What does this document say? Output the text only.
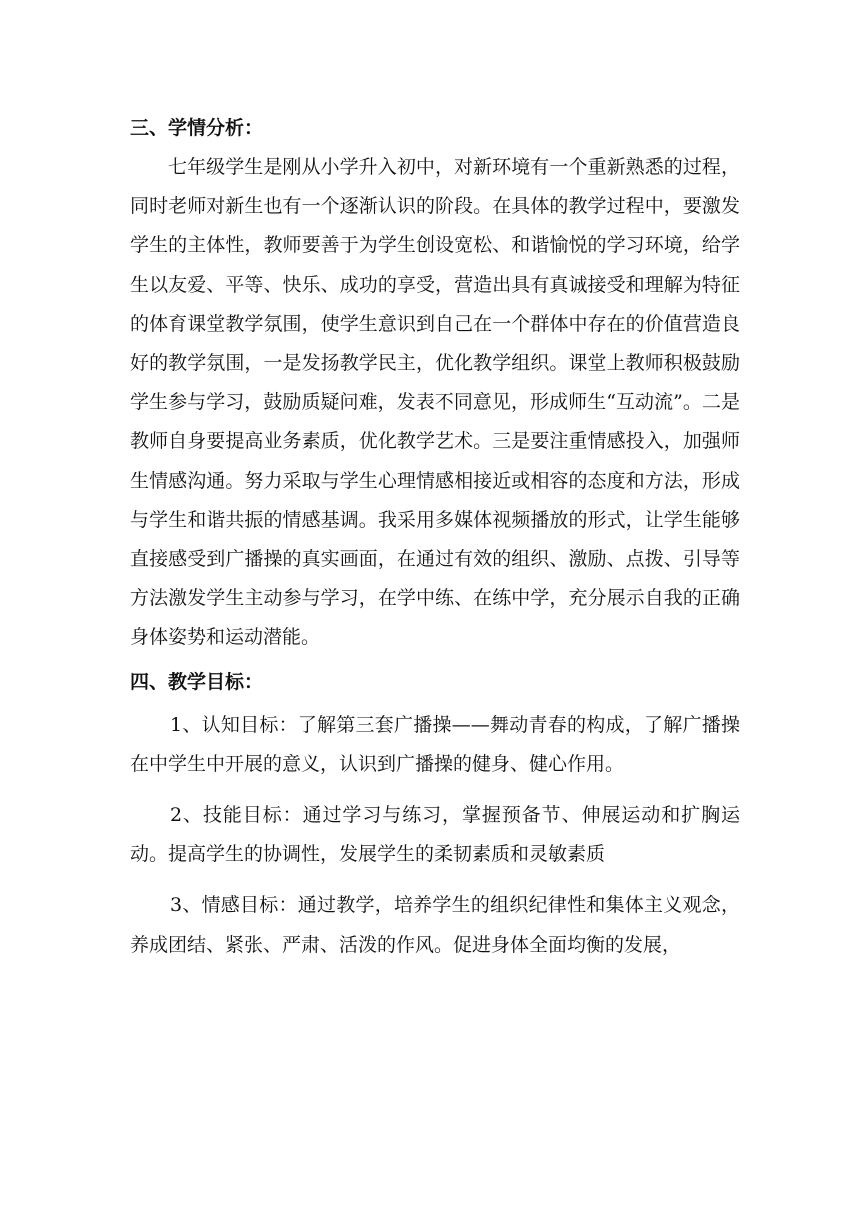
三、学情分析：

七年级学生是刚从小学升入初中，对新环境有一个重新熟悉的过程，同时老师对新生也有一个逐渐认识的阶段。在具体的教学过程中，要激发学生的主体性，教师要善于为学生创设宽松、和谐愉悦的学习环境，给学生以友爱、平等、快乐、成功的享受，营造出具有真诚接受和理解为特征的体育课堂教学氛围，使学生意识到自己在一个群体中存在的价值营造良好的教学氛围，一是发扬教学民主，优化教学组织。课堂上教师积极鼓励学生参与学习，鼓励质疑问难，发表不同意见，形成师生“互动流”。二是教师自身要提高业务素质，优化教学艺术。三是要注重情感投入，加强师生情感沟通。努力采取与学生心理情感相接近或相容的态度和方法，形成与学生和谐共振的情感基调。我采用多媒体视频播放的形式，让学生能够直接感受到广播操的真实画面，在通过有效的组织、激励、点拨、引导等方法激发学生主动参与学习，在学中练、在练中学，充分展示自我的正确身体姿势和运动潜能。

四、教学目标：

1、认知目标：了解第三套广播操——舞动青春的构成，了解广播操在中学生中开展的意义，认识到广播操的健身、健心作用。

2、技能目标：通过学习与练习，掌握预备节、伸展运动和扩胸运动。提高学生的协调性，发展学生的柔韧素质和灵敏素质

3、情感目标：通过教学，培养学生的组织纪律性和集体主义观念，养成团结、紧张、严肃、活泼的作风。促进身体全面均衡的发展，
